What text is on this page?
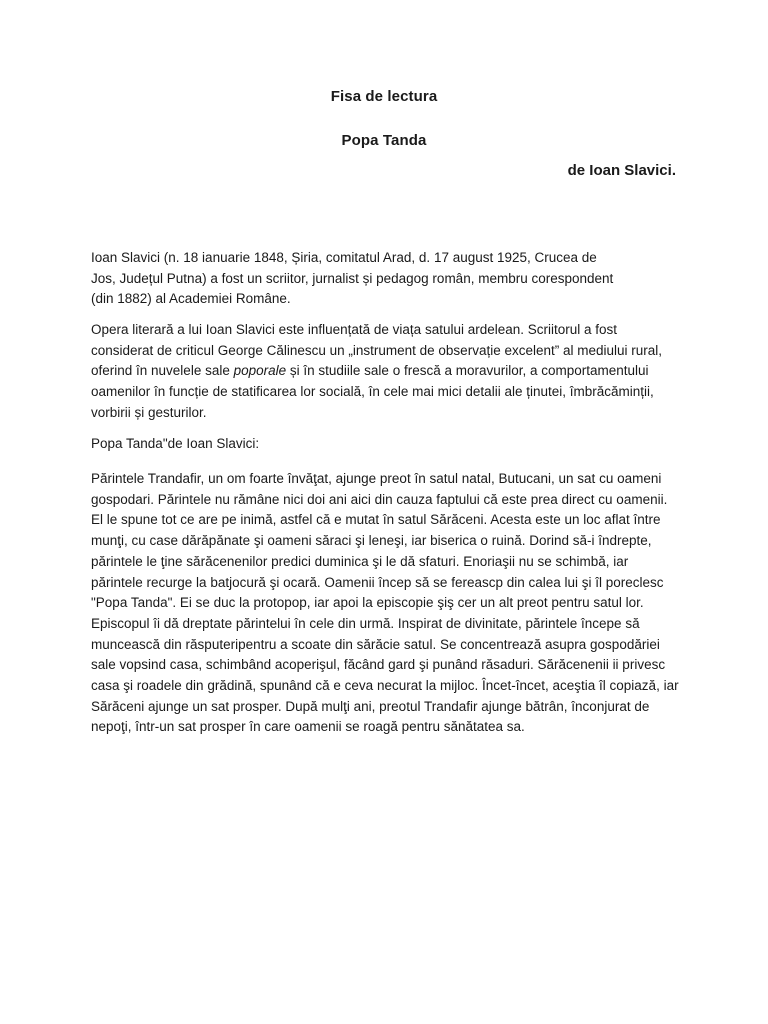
Fisa de lectura
Popa Tanda
de Ioan Slavici.
Ioan Slavici (n. 18 ianuarie 1848, Șiria, comitatul Arad, d. 17 august 1925, Crucea de
Jos, Județul Putna) a fost un scriitor, jurnalist și pedagog român, membru corespondent
(din 1882) al Academiei Române.
Opera literară a lui Ioan Slavici este influențată de viața satului ardelean. Scriitorul a fost considerat de criticul George Călinescu un „instrument de observație excelent” al mediului rural, oferind în nuvelele sale poporale și în studiile sale o frescă a moravurilor, a comportamentului oamenilor în funcție de statificarea lor socială, în cele mai mici detalii ale ținutei, îmbrăcăminții, vorbirii și gesturilor.
Popa Tanda"de Ioan Slavici:
Părintele Trandafir, un om foarte învăţat, ajunge preot în satul natal, Butucani, un sat cu oameni gospodari. Părintele nu rămâne nici doi ani aici din cauza faptului că este prea direct cu oamenii. El le spune tot ce are pe inimă, astfel că e mutat în satul Sărăceni. Acesta este un loc aflat între munţi, cu case dărăpănate şi oameni săraci şi leneşi, iar biserica o ruină. Dorind să-i îndrepte, părintele le ţine sărăcenenilor predici duminica şi le dă sfaturi. Enoriaşii nu se schimbă, iar părintele recurge la batjocură şi ocară. Oamenii încep să se fereascp din calea lui şi îl poreclesc "Popa Tanda". Ei se duc la protopop, iar apoi la episcopie şiş cer un alt preot pentru satul lor. Episcopul îi dă dreptate părintelui în cele din urmă. Inspirat de divinitate, părintele începe să muncească din răsputeripentru a scoate din sărăcie satul. Se concentrează asupra gospodăriei sale vopsind casa, schimbând acoperişul, făcând gard şi punând răsaduri. Sărăcenenii ii privesc casa şi roadele din grădină, spunând că e ceva necurat la mijloc. Încet-încet, aceştia îl copiază, iar Sărăceni ajunge un sat prosper. După mulţi ani, preotul Trandafir ajunge bătrân, înconjurat de nepoţi, într-un sat prosper în care oamenii se roagă pentru sănătatea sa.
